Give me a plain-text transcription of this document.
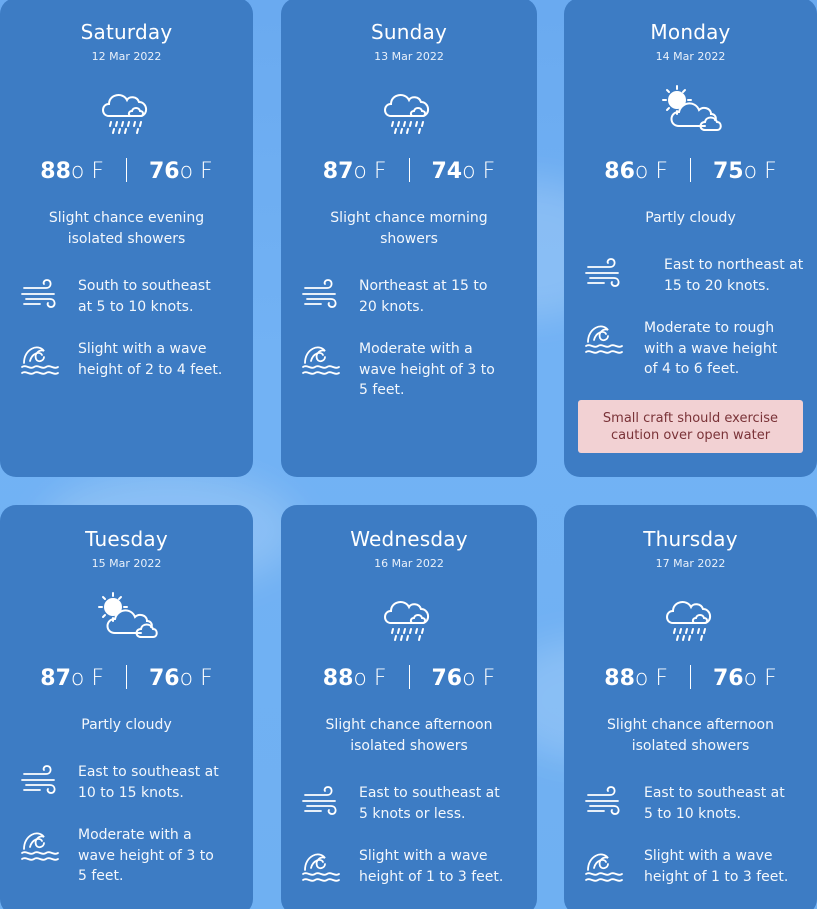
Saturday
12 Mar 2022
88o F 76o F
Slight chance evening
isolated showers
South to southeast
at 5 to 10 knots.
Slight with a wave
height of 2 to 4 feet.
Sunday
13 Mar 2022
87o F 74o F
Slight chance morning
showers
Northeast at 15 to
20 knots.
Moderate with a
wave height of 3 to
5 feet.
Monday
14 Mar 2022
86o F 75o F
Partly cloudy
East to northeast at
15 to 20 knots.
Moderate to rough
with a wave height
of 4 to 6 feet.
Small craft should exercise
caution over open water
Tuesday
15 Mar 2022
87o F 76o F
Partly cloudy
East to southeast at
10 to 15 knots.
Moderate with a
wave height of 3 to
5 feet.
Wednesday
16 Mar 2022
88o F 76o F
Slight chance afternoon
isolated showers
East to southeast at
5 knots or less.
Slight with a wave
height of 1 to 3 feet.
Thursday
17 Mar 2022
88o F 76o F
Slight chance afternoon
isolated showers
East to southeast at
5 to 10 knots.
Slight with a wave
height of 1 to 3 feet.
